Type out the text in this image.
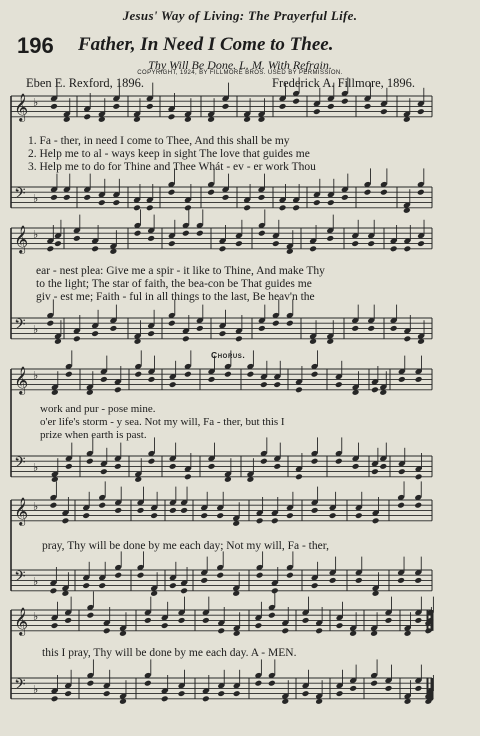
Jesus' Way of Living: The Prayerful Life.
196 Father, In Need I Come to Thee.
Thy Will Be Done. L. M. With Refrain.
COPYRIGHT, 1924, BY FILLMORE BROS. USED BY PERMISSION.
Eben E. Rexford, 1896.	Frederick A. Fillmore, 1896.
𝄞
𝄢
♭
♭
𝄞
𝄢
♭
♭
𝄞
𝄢
♭
♭
𝄞
𝄢
♭
♭
𝄞
𝄢
♭
♭
1. Fa - ther, in need I come to Thee, And this shall be my
2. Help me to al - ways keep in sight The love that guides me
3. Help me to do for Thine and Thee Whát - ev - er work Thou
ear - nest plea: Give me a spir - it like to Thine, And make Thy
to the light; The star of faith, the bea-con be That guides me
giv - est me; Faith - ful in all things to the last, Be heav'n the
Chorus.
work and pur - pose mine.
o'er life's storm - y sea. Not my will, Fa - ther, but this I
prize when earth is past.
pray, Thy will be done by me each day; Not my will, Fa - ther,
this I pray, Thy will be done by me each day. A - MEN.
